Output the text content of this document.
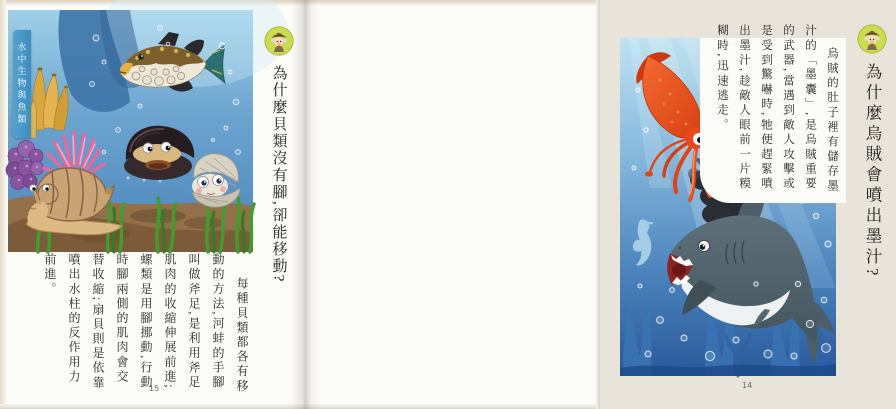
水中生物與魚類	為什麼貝類沒有腳,卻能移動?
每種貝類都各有移動的方法,河蚌的手腳叫做斧足,是利用斧足肌肉的收縮伸展前進;螺類是用腳挪動,行動時腳兩側的肌肉會交替收縮;扇貝則是依靠噴出水柱的反作用力前進。
15
烏賊的肚子裡有儲存墨汁的「墨囊」,是烏賊重要的武器,當遇到敵人攻擊或是受到驚嚇時,牠便趕緊噴出墨汁,趁敵人眼前一片糢糊時,迅速逃走。	為什麼烏賊會噴出墨汁?
14
